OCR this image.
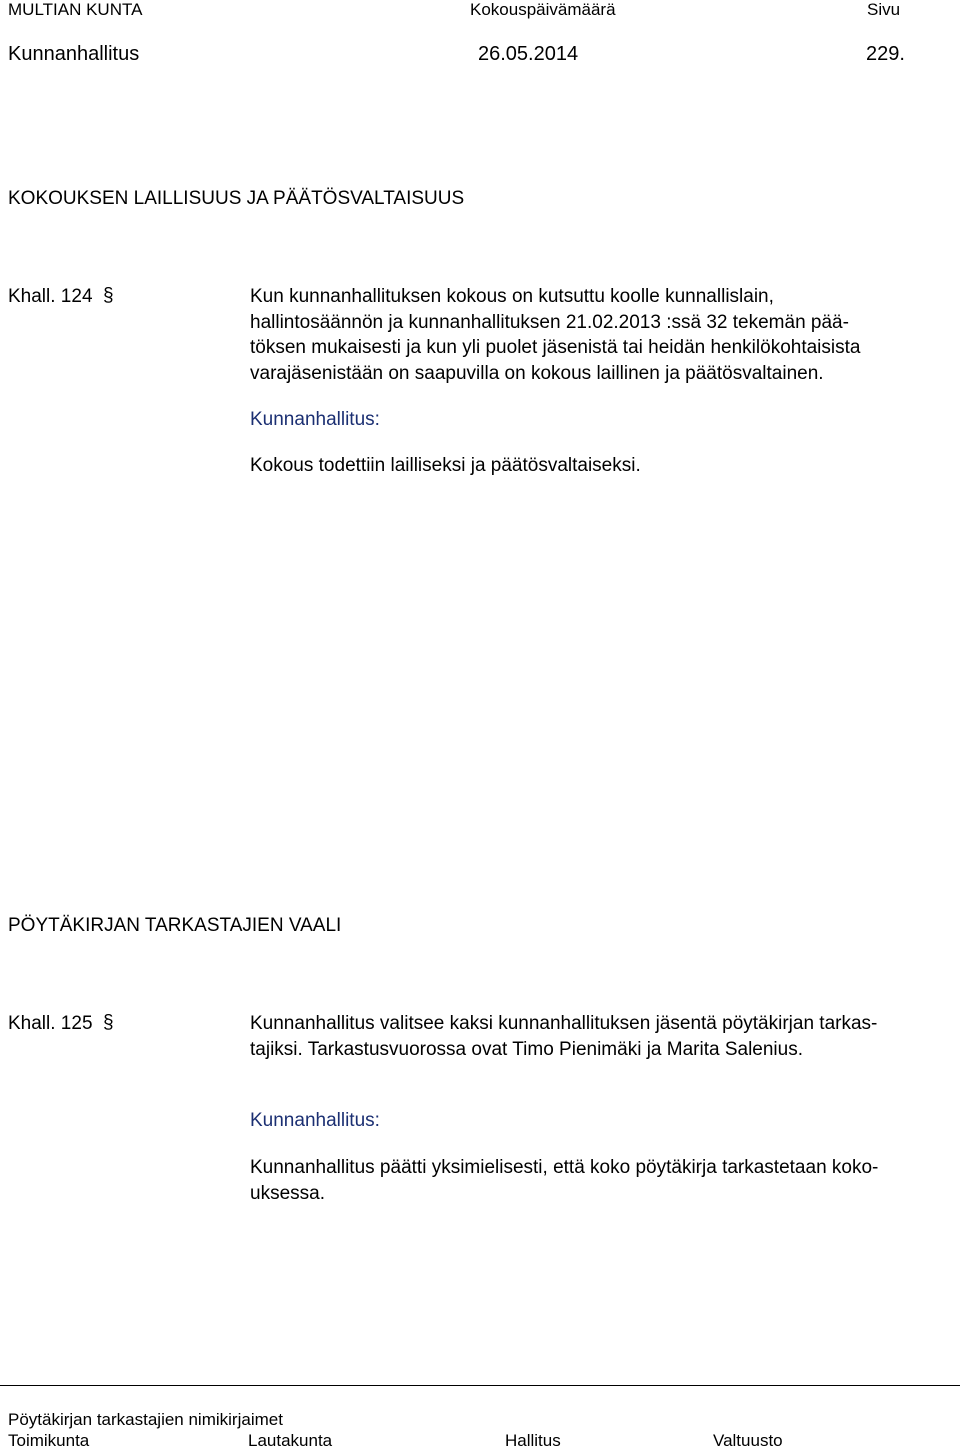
MULTIAN KUNTA	Kokouspäivämäärä	Sivu
Kunnanhallitus	26.05.2014	229.
KOKOUKSEN LAILLISUUS JA PÄÄTÖSVALTAISUUS
Khall. 124 §	Kun kunnanhallituksen kokous on kutsuttu koolle kunnallislain,
hallintosäännön ja kunnanhallituksen 21.02.2013 :ssä 32 tekemän pää-
töksen mukaisesti ja kun yli puolet jäsenistä tai heidän henkilökohtaisista
varajäsenistään on saapuvilla on kokous laillinen ja päätösvaltainen.
Kunnanhallitus:
Kokous todettiin lailliseksi ja päätösvaltaiseksi.
PÖYTÄKIRJAN TARKASTAJIEN VAALI
Khall. 125 §	Kunnanhallitus valitsee kaksi kunnanhallituksen jäsentä pöytäkirjan tarkas-
tajiksi. Tarkastusvuorossa ovat Timo Pienimäki ja Marita Salenius.
Kunnanhallitus:
Kunnanhallitus päätti yksimielisesti, että koko pöytäkirja tarkastetaan koko-
uksessa.
Pöytäkirjan tarkastajien nimikirjaimet
Toimikunta	Lautakunta	Hallitus	Valtuusto
